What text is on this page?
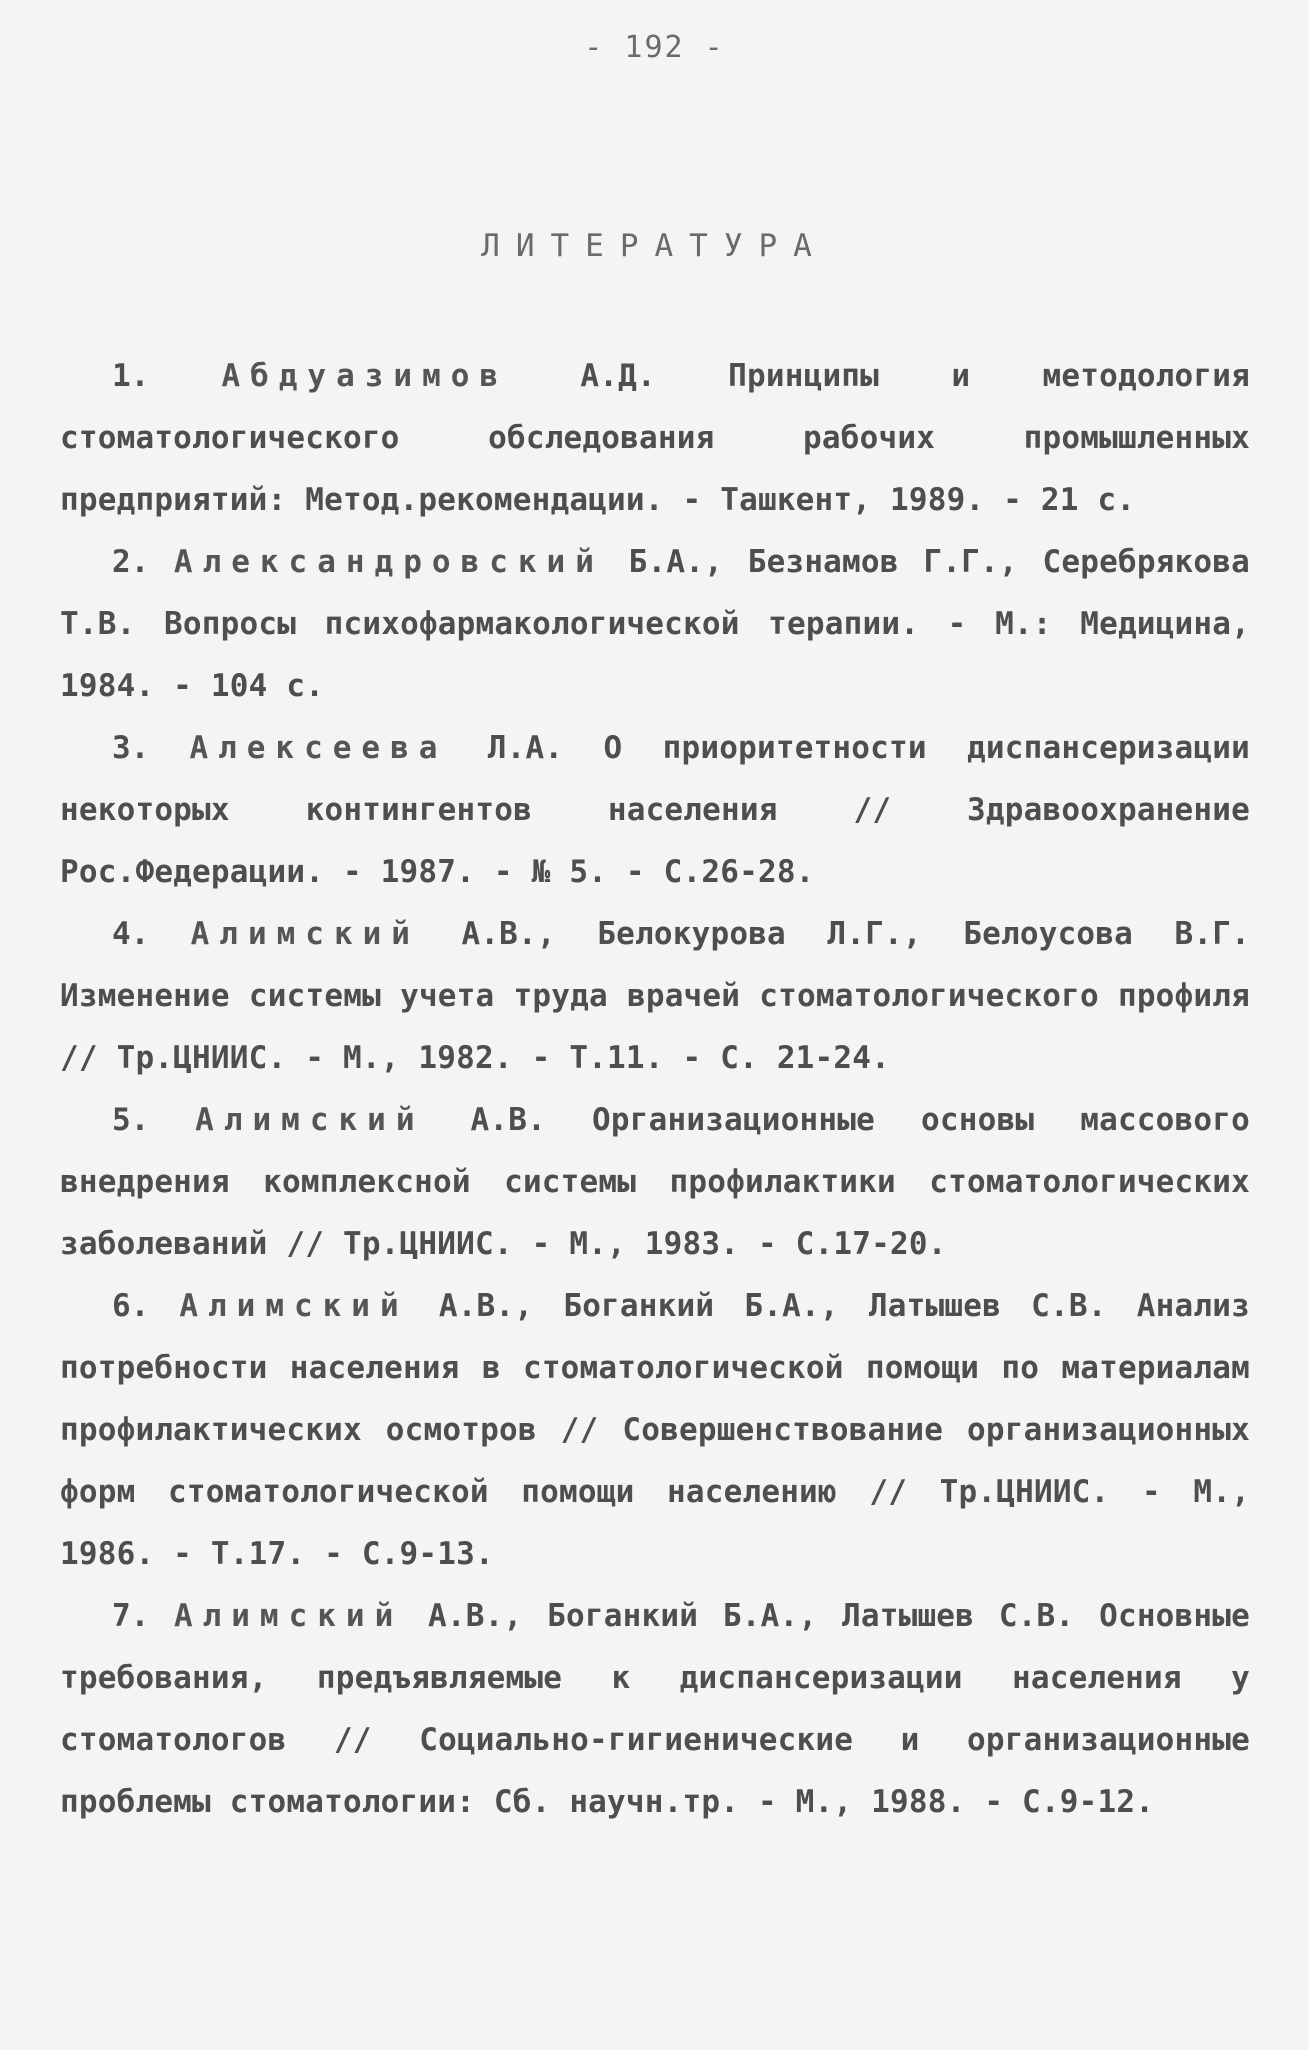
- 192 -
ЛИТЕРАТУРА

1. Абдуазимов А.Д. Принципы и методология стоматологического обследования рабочих промышленных предприятий: Метод.рекомендации. - Ташкент, 1989. - 21 с.

2. Александровский Б.А., Безнамов Г.Г., Серебрякова Т.В. Вопросы психофармакологической терапии. - М.: Медицина, 1984. - 104 с.

3. Алексеева Л.А. О приоритетности диспансеризации некоторых контингентов населения // Здравоохранение Рос.Федерации. - 1987. - № 5. - С.26-28.

4. Алимский А.В., Белокурова Л.Г., Белоусова В.Г. Изменение системы учета труда врачей стоматологического профиля // Тр.ЦНИИС. - М., 1982. - Т.11. - С. 21-24.

5. Алимский А.В. Организационные основы массового внедрения комплексной системы профилактики стоматологических заболеваний // Тр.ЦНИИС. - М., 1983. - С.17-20.

6. Алимский А.В., Боганкий Б.А., Латышев С.В. Анализ потребности населения в стоматологической помощи по материалам профилактических осмотров // Совершенствование организационных форм стоматологической помощи населению // Тр.ЦНИИС. - М., 1986. - Т.17. - С.9-13.

7. Алимский А.В., Боганкий Б.А., Латышев С.В. Основные требования, предъявляемые к диспансеризации населения у стоматологов // Социально-гигиенические и организационные проблемы стоматологии: Сб. научн.тр. - М., 1988. - С.9-12.
